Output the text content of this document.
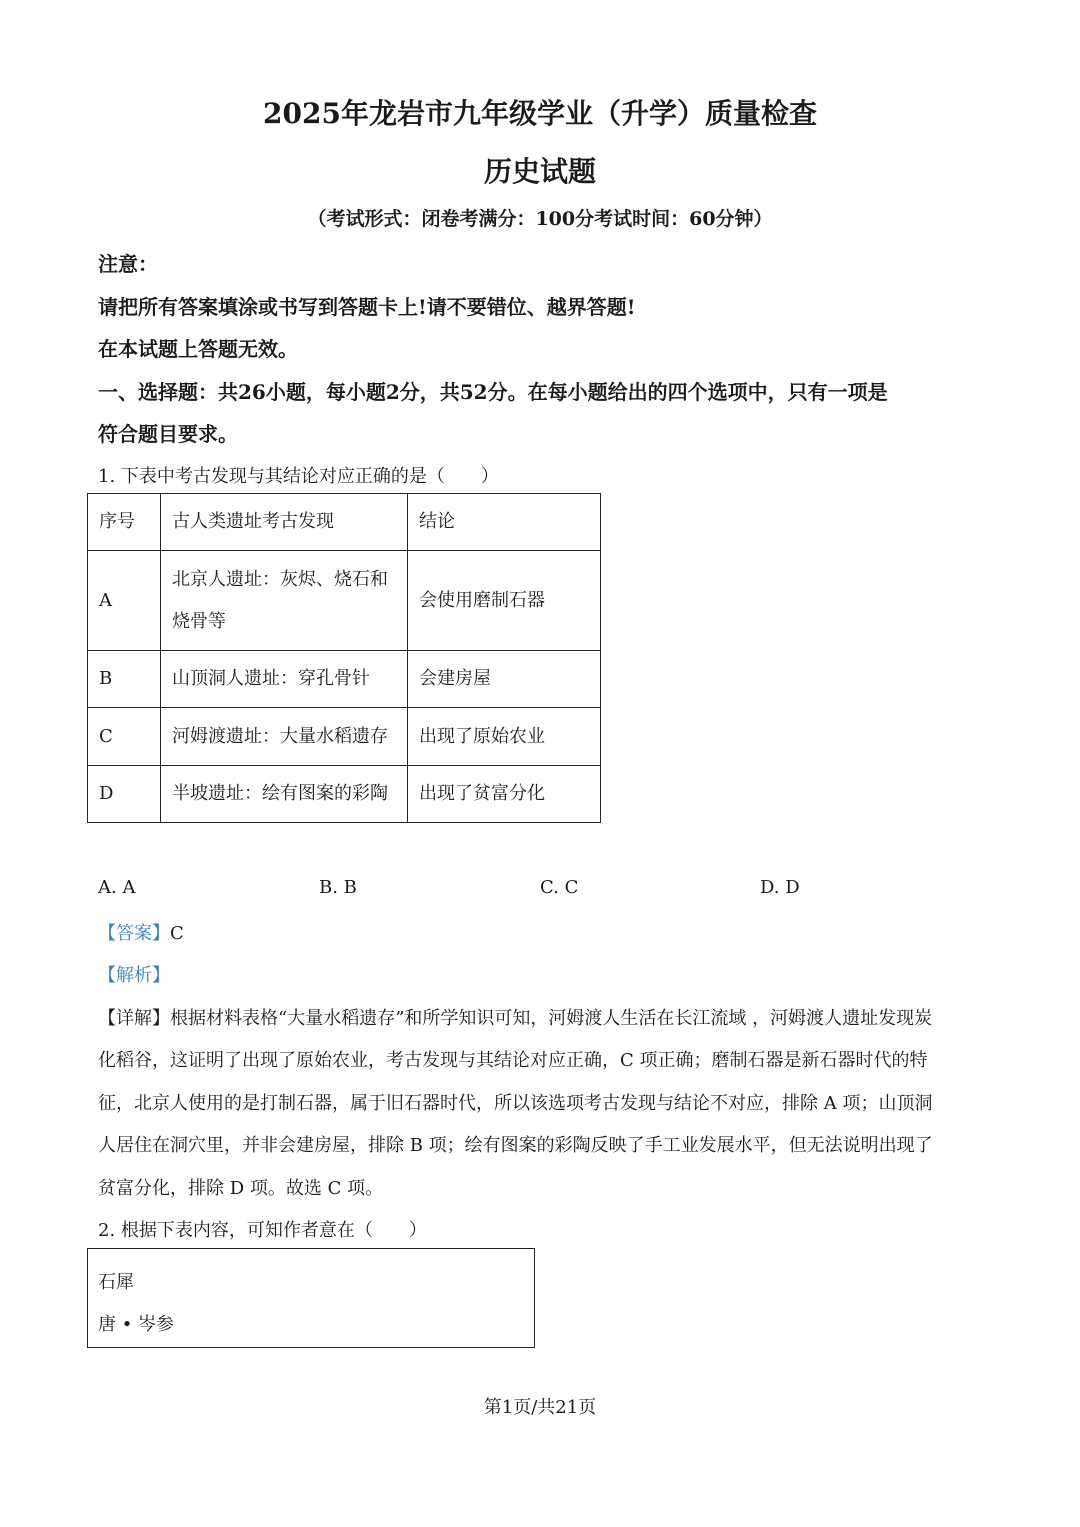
2025年龙岩市九年级学业（升学）质量检查
历史试题
（考试形式：闭卷考满分：100分考试时间：60分钟）
注意：
请把所有答案填涂或书写到答题卡上!请不要错位、越界答题!
在本试题上答题无效。
一、选择题：共26小题，每小题2分，共52分。在每小题给出的四个选项中，只有一项是
符合题目要求。
1. 下表中考古发现与其结论对应正确的是（　　）
序号	古人类遗址考古发现	结论
A	北京人遗址：灰烬、烧石和
烧骨等	会使用磨制石器
B	山顶洞人遗址：穿孔骨针	会建房屋
C	河姆渡遗址：大量水稻遗存	出现了原始农业
D	半坡遗址：绘有图案的彩陶	出现了贫富分化
A. A	B. B	C. C	D. D
【答案】C
【解析】
【详解】根据材料表格“大量水稻遗存”和所学知识可知，河姆渡人生活在长江流域 ，河姆渡人遗址发现炭
化稻谷，这证明了出现了原始农业，考古发现与其结论对应正确，C 项正确；磨制石器是新石器时代的特
征，北京人使用的是打制石器，属于旧石器时代，所以该选项考古发现与结论不对应，排除 A 项；山顶洞
人居住在洞穴里，并非会建房屋，排除 B 项；绘有图案的彩陶反映了手工业发展水平，但无法说明出现了
贫富分化，排除 D 项。故选 C 项。
2. 根据下表内容，可知作者意在（　　）
石犀
唐 • 岑参
第1页/共21页
